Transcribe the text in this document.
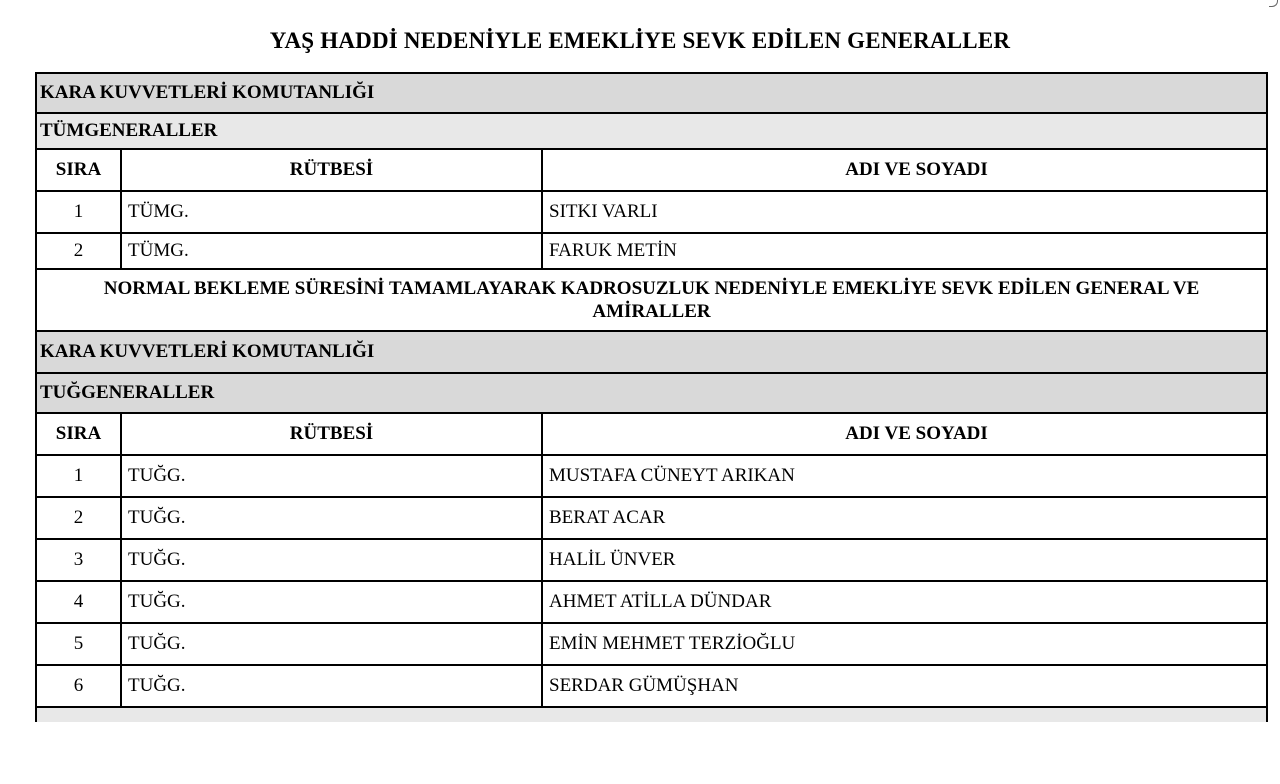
YAŞ HADDİ NEDENİYLE EMEKLİYE SEVK EDİLEN GENERALLER
KARA KUVVETLERİ KOMUTANLIĞI		
TÜMGENERALLER		
SIRA	RÜTBESİ	ADI VE SOYADI
1	TÜMG.	SITKI VARLI
2	TÜMG.	FARUK METİN
NORMAL BEKLEME SÜRESİNİ TAMAMLAYARAK KADROSUZLUK NEDENİYLE EMEKLİYE SEVK EDİLEN GENERAL VE AMİRALLER		
KARA KUVVETLERİ KOMUTANLIĞI		
TUĞGENERALLER		
SIRA	RÜTBESİ	ADI VE SOYADI
1	TUĞG.	MUSTAFA CÜNEYT ARIKAN
2	TUĞG.	BERAT ACAR
3	TUĞG.	HALİL ÜNVER
4	TUĞG.	AHMET ATİLLA DÜNDAR
5	TUĞG.	EMİN MEHMET TERZİOĞLU
6	TUĞG.	SERDAR GÜMÜŞHAN
